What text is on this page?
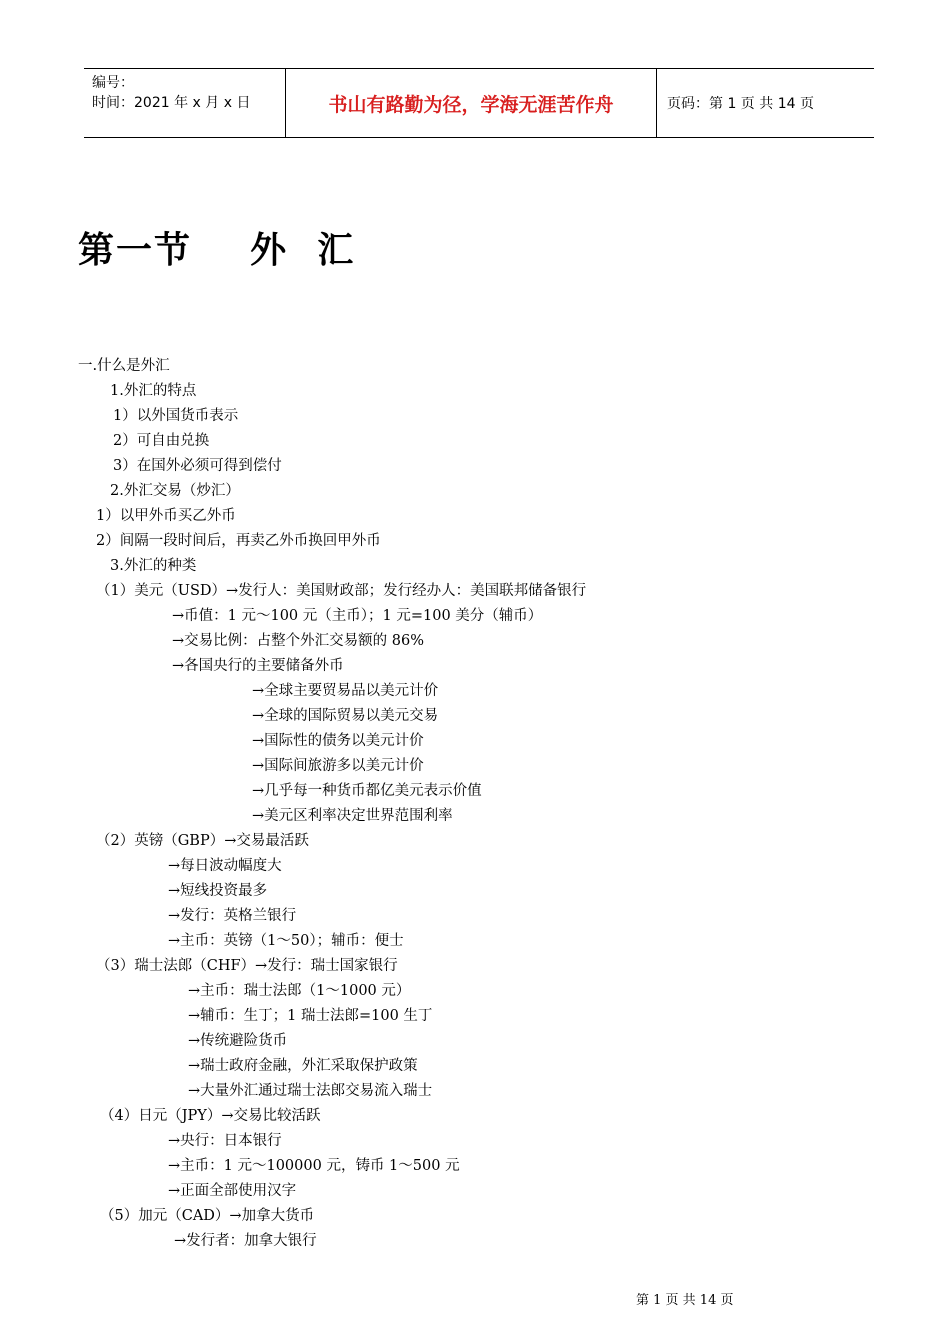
编号：
时间：2021 年 x 月 x 日	书山有路勤为径，学海无涯苦作舟	页码：第 1 页 共 14 页
第一节    外  汇
一.什么是外汇
1.外汇的特点
1）以外国货币表示
2）可自由兑换
3）在国外必须可得到偿付
2.外汇交易（炒汇）
1）以甲外币买乙外币
2）间隔一段时间后，再卖乙外币换回甲外币
3.外汇的种类
（1）美元（USD）→发行人：美国财政部；发行经办人：美国联邦储备银行
→币值：1 元～100 元（主币）；1 元=100 美分（辅币）
→交易比例：占整个外汇交易额的 86%
→各国央行的主要储备外币
→全球主要贸易品以美元计价
→全球的国际贸易以美元交易
→国际性的债务以美元计价
→国际间旅游多以美元计价
→几乎每一种货币都亿美元表示价值
→美元区利率决定世界范围利率
（2）英镑（GBP）→交易最活跃
→每日波动幅度大
→短线投资最多
→发行：英格兰银行
→主币：英镑（1～50）；辅币：便士
（3）瑞士法郎（CHF）→发行：瑞士国家银行
→主币：瑞士法郎（1～1000 元）
→辅币：生丁；1 瑞士法郎=100 生丁
→传统避险货币
→瑞士政府金融，外汇采取保护政策
→大量外汇通过瑞士法郎交易流入瑞士
（4）日元（JPY）→交易比较活跃
→央行：日本银行
→主币：1 元～100000 元，铸币 1～500 元
→正面全部使用汉字
（5）加元（CAD）→加拿大货币
→发行者：加拿大银行
第 1 页 共 14 页
